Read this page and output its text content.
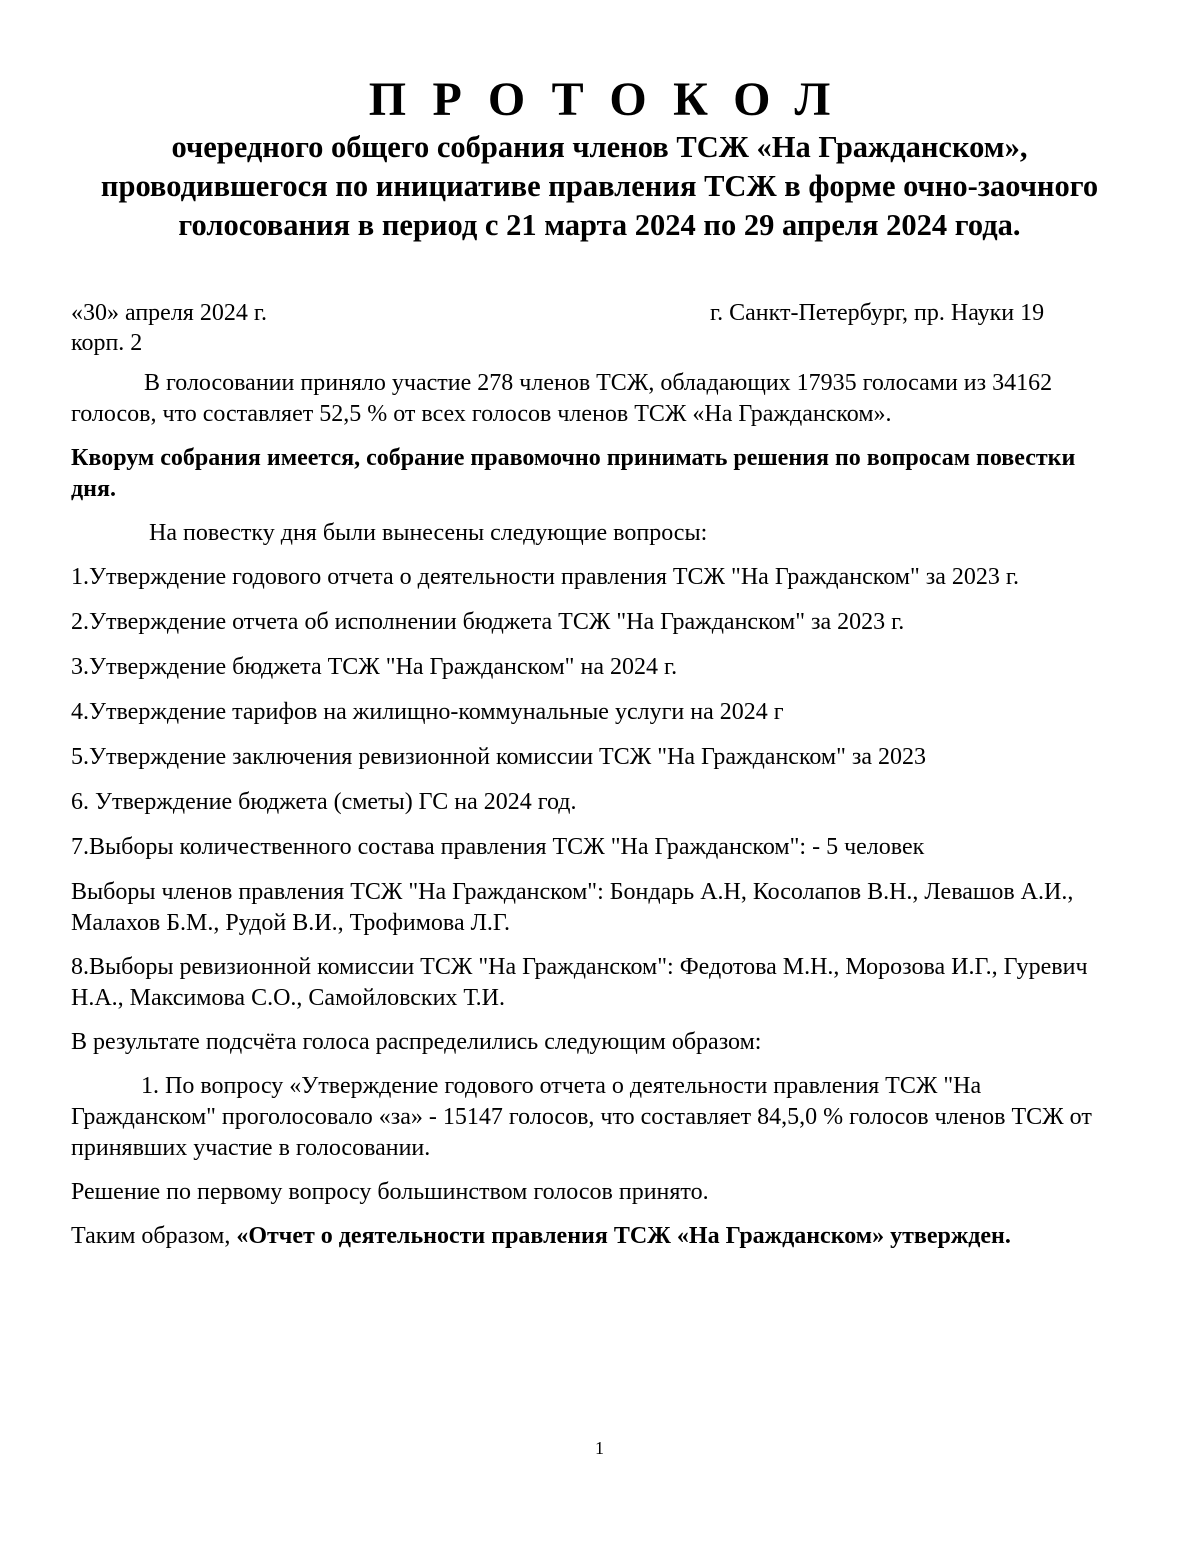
ПРОТОКОЛ
очередного общего собрания членов ТСЖ «На Гражданском»,
проводившегося по инициативе правления ТСЖ в форме очно-заочного
голосования в период с 21 марта 2024 по 29 апреля 2024 года.
«30» апреля 2024 г.	г. Санкт-Петербург, пр. Науки 19
корп. 2

В голосовании приняло участие 278 членов ТСЖ, обладающих 17935 голосами из 34162 голосов, что составляет 52,5 % от всех голосов членов ТСЖ «На Гражданском».

Кворум собрания имеется, собрание правомочно принимать решения по вопросам повестки дня.

На повестку дня были вынесены следующие вопросы:

1.Утверждение годового отчета о деятельности правления ТСЖ "На Гражданском" за 2023 г.

2.Утверждение отчета об исполнении бюджета ТСЖ "На Гражданском" за 2023 г.

3.Утверждение бюджета ТСЖ "На Гражданском" на 2024 г.

4.Утверждение тарифов на жилищно-коммунальные услуги на 2024 г

5.Утверждение заключения ревизионной комиссии ТСЖ "На Гражданском" за 2023

6. Утверждение бюджета (сметы) ГС на 2024 год.

7.Выборы количественного состава правления ТСЖ "На Гражданском": - 5 человек

Выборы членов правления ТСЖ "На Гражданском": Бондарь А.Н, Косолапов В.Н., Левашов А.И., Малахов Б.М., Рудой В.И., Трофимова Л.Г.

8.Выборы ревизионной комиссии ТСЖ "На Гражданском": Федотова М.Н., Морозова И.Г., Гуревич Н.А., Максимова С.О., Самойловских Т.И.

В результате подсчёта голоса распределились следующим образом:

1. По вопросу «Утверждение годового отчета о деятельности правления ТСЖ "На Гражданском" проголосовало «за» - 15147 голосов, что составляет 84,5,0 % голосов членов ТСЖ от принявших участие в голосовании.

Решение по первому вопросу большинством голосов принято.

Таким образом, «Отчет о деятельности правления ТСЖ «На Гражданском» утвержден.

1
